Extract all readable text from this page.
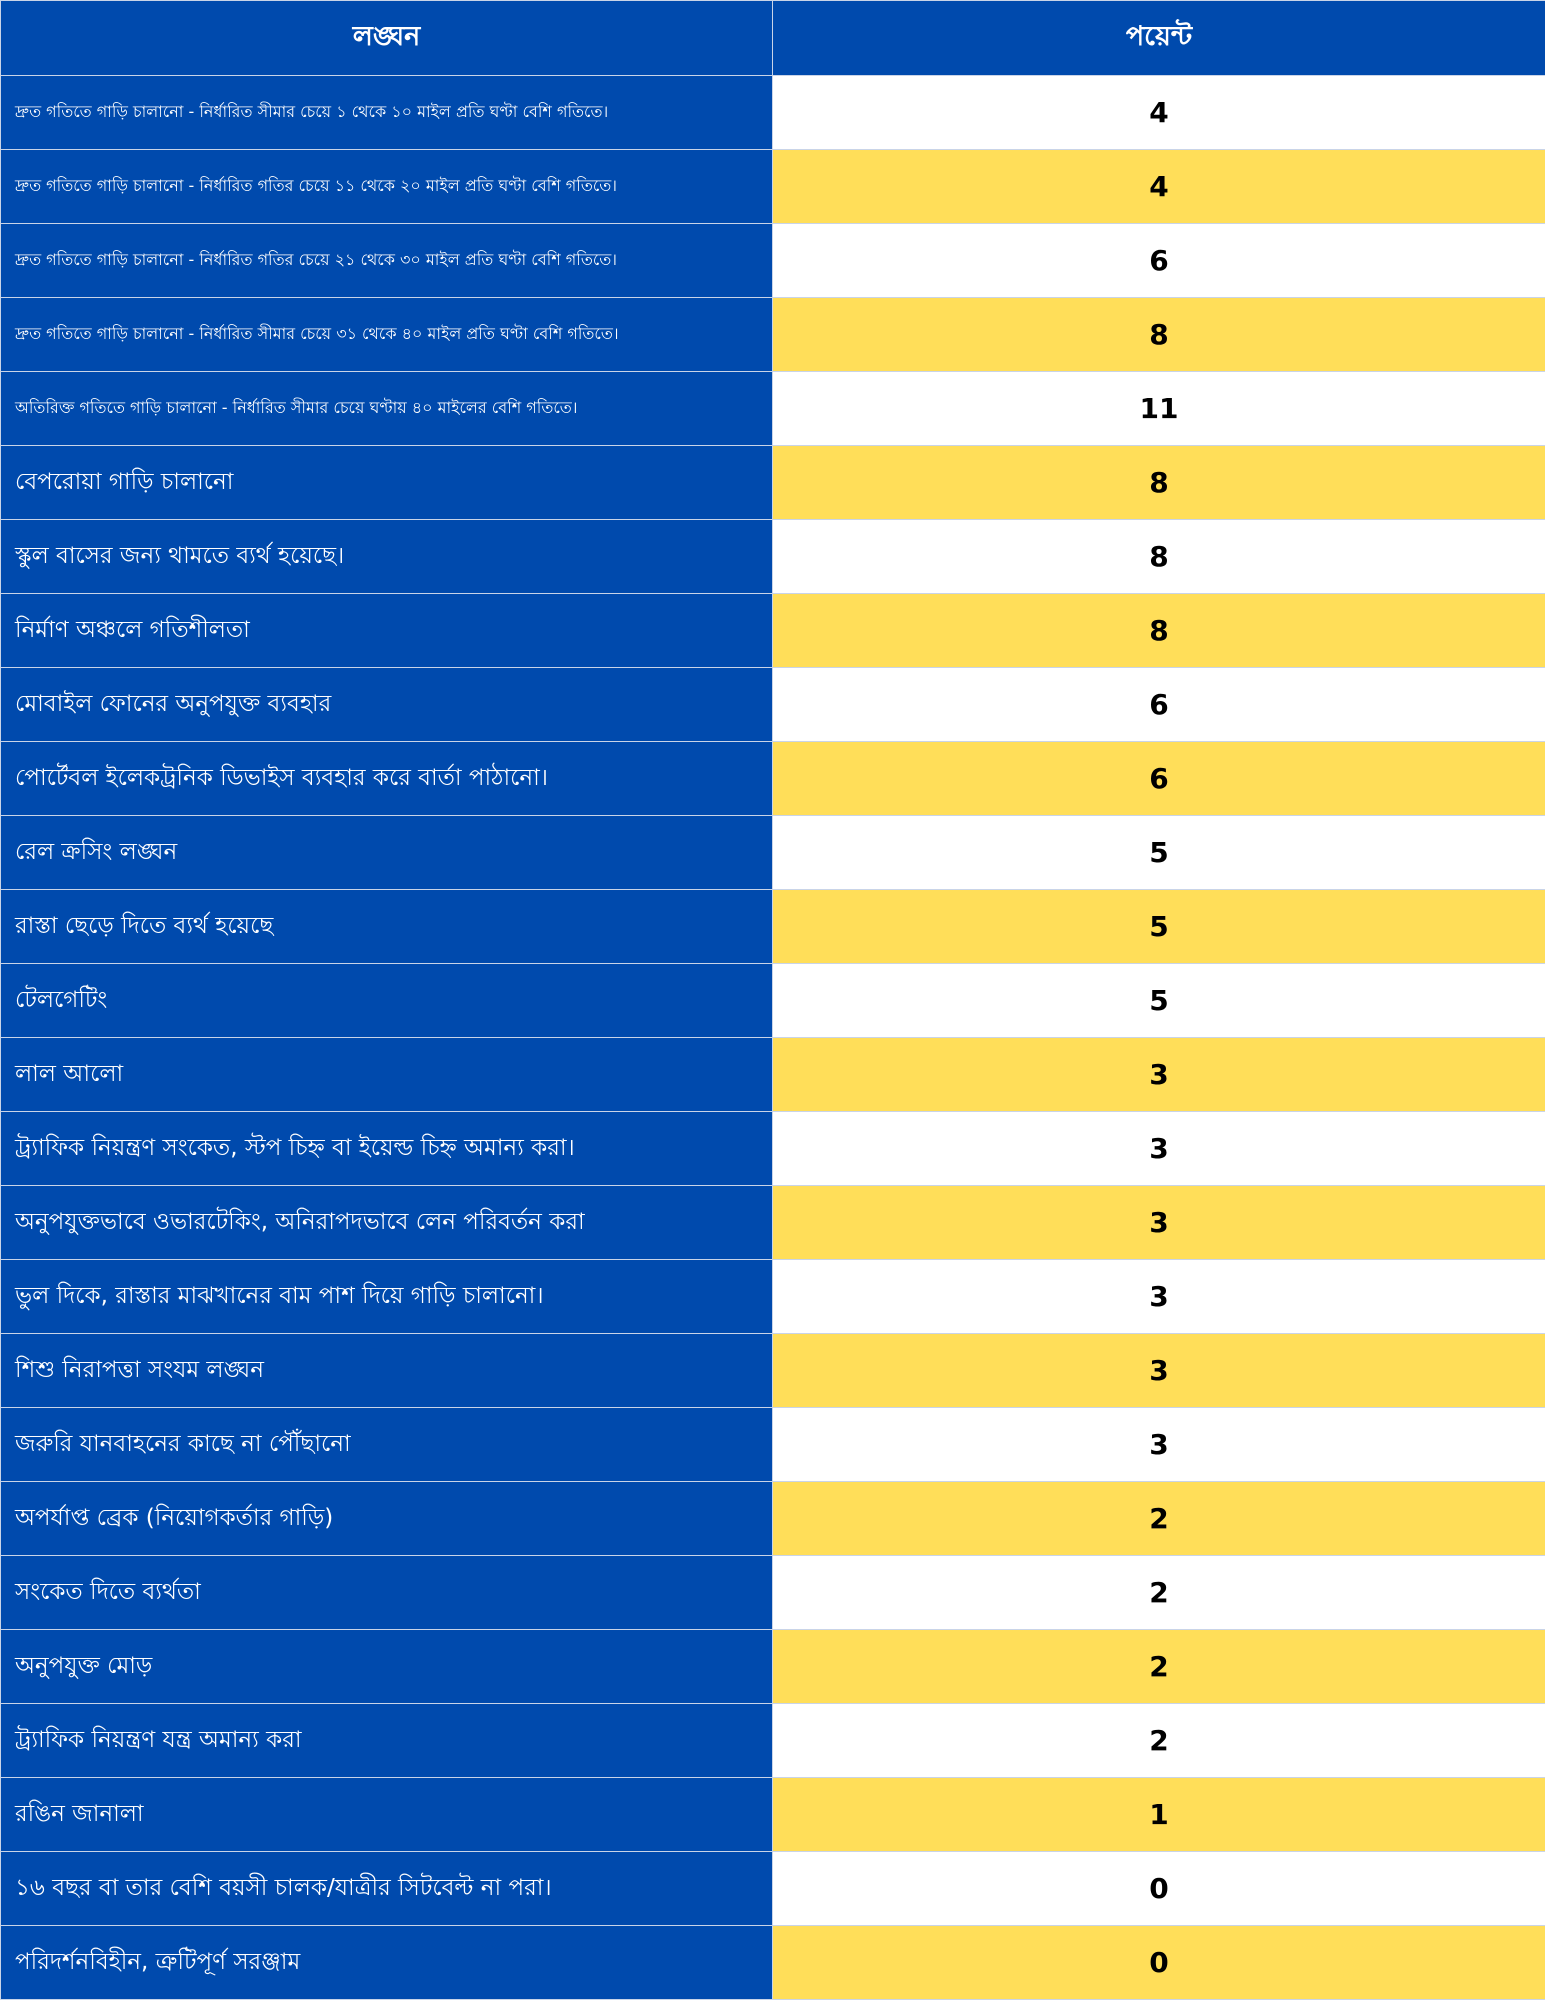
লঙ্ঘন	পয়েন্ট
দ্রুত গতিতে গাড়ি চালানো - নির্ধারিত সীমার চেয়ে ১ থেকে ১০ মাইল প্রতি ঘণ্টা বেশি গতিতে।	4
দ্রুত গতিতে গাড়ি চালানো - নির্ধারিত গতির চেয়ে ১১ থেকে ২০ মাইল প্রতি ঘণ্টা বেশি গতিতে।	4
দ্রুত গতিতে গাড়ি চালানো - নির্ধারিত গতির চেয়ে ২১ থেকে ৩০ মাইল প্রতি ঘণ্টা বেশি গতিতে।	6
দ্রুত গতিতে গাড়ি চালানো - নির্ধারিত সীমার চেয়ে ৩১ থেকে ৪০ মাইল প্রতি ঘণ্টা বেশি গতিতে।	8
অতিরিক্ত গতিতে গাড়ি চালানো - নির্ধারিত সীমার চেয়ে ঘণ্টায় ৪০ মাইলের বেশি গতিতে।	11
বেপরোয়া গাড়ি চালানো	8
স্কুল বাসের জন্য থামতে ব্যর্থ হয়েছে।	8
নির্মাণ অঞ্চলে গতিশীলতা	8
মোবাইল ফোনের অনুপযুক্ত ব্যবহার	6
পোর্টেবল ইলেকট্রনিক ডিভাইস ব্যবহার করে বার্তা পাঠানো।	6
রেল ক্রসিং লঙ্ঘন	5
রাস্তা ছেড়ে দিতে ব্যর্থ হয়েছে	5
টেলগেটিং	5
লাল আলো	3
ট্র্যাফিক নিয়ন্ত্রণ সংকেত, স্টপ চিহ্ন বা ইয়েল্ড চিহ্ন অমান্য করা।	3
অনুপযুক্তভাবে ওভারটেকিং, অনিরাপদভাবে লেন পরিবর্তন করা	3
ভুল দিকে, রাস্তার মাঝখানের বাম পাশ দিয়ে গাড়ি চালানো।	3
শিশু নিরাপত্তা সংযম লঙ্ঘন	3
জরুরি যানবাহনের কাছে না পৌঁছানো	3
অপর্যাপ্ত ব্রেক (নিয়োগকর্তার গাড়ি)	2
সংকেত দিতে ব্যর্থতা	2
অনুপযুক্ত মোড়	2
ট্র্যাফিক নিয়ন্ত্রণ যন্ত্র অমান্য করা	2
রঙিন জানালা	1
১৬ বছর বা তার বেশি বয়সী চালক/যাত্রীর সিটবেল্ট না পরা।	0
পরিদর্শনবিহীন, ত্রুটিপূর্ণ সরঞ্জাম	0
